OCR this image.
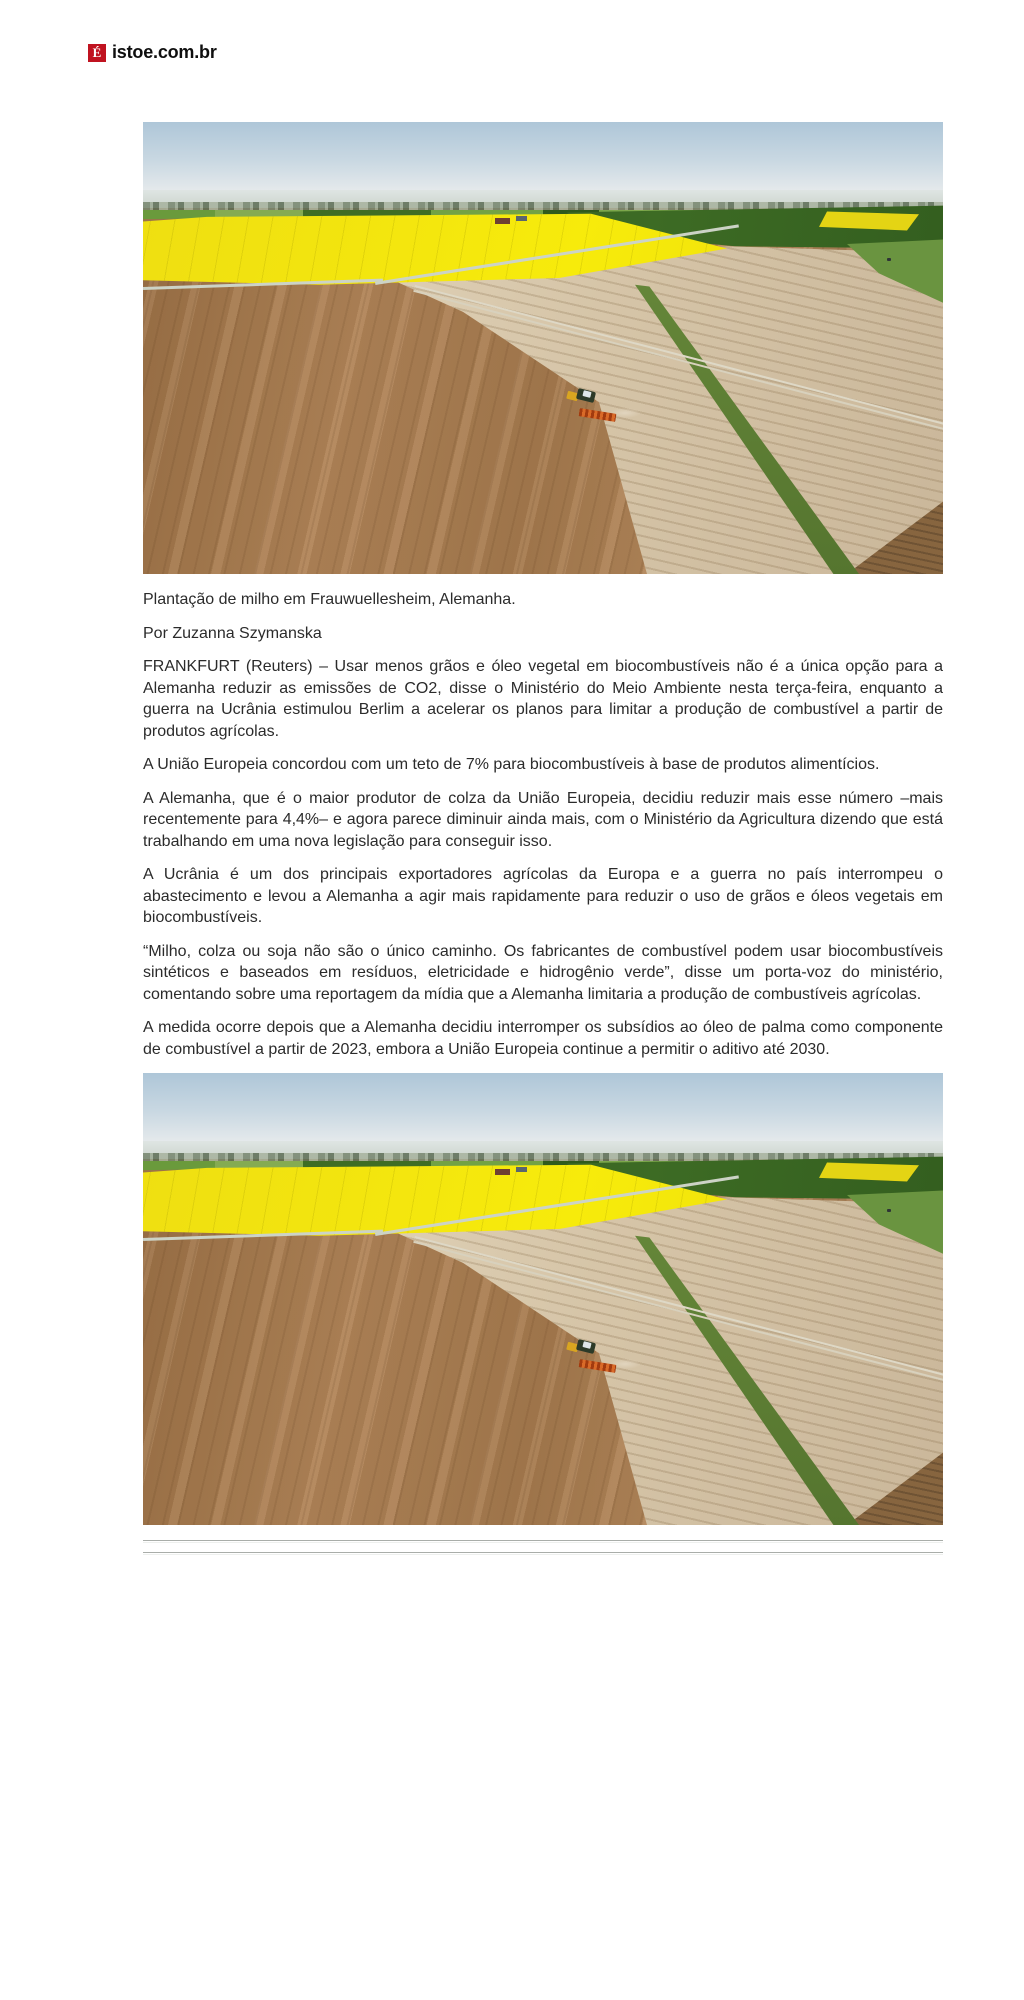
É istoe.com.br

Plantação de milho em Frauwuellesheim, Alemanha.

Por Zuzanna Szymanska

FRANKFURT (Reuters) – Usar menos grãos e óleo vegetal em biocombustíveis não é a única opção para a Alemanha reduzir as emissões de CO2, disse o Ministério do Meio Ambiente nesta terça-feira, enquanto a guerra na Ucrânia estimulou Berlim a acelerar os planos para limitar a produção de combustível a partir de produtos agrícolas.

A União Europeia concordou com um teto de 7% para biocombustíveis à base de produtos alimentícios.

A Alemanha, que é o maior produtor de colza da União Europeia, decidiu reduzir mais esse número –mais recentemente para 4,4%– e agora parece diminuir ainda mais, com o Ministério da Agricultura dizendo que está trabalhando em uma nova legislação para conseguir isso.

A Ucrânia é um dos principais exportadores agrícolas da Europa e a guerra no país interrompeu o abastecimento e levou a Alemanha a agir mais rapidamente para reduzir o uso de grãos e óleos vegetais em biocombustíveis.

“Milho, colza ou soja não são o único caminho. Os fabricantes de combustível podem usar biocombustíveis sintéticos e baseados em resíduos, eletricidade e hidrogênio verde”, disse um porta-voz do ministério, comentando sobre uma reportagem da mídia que a Alemanha limitaria a produção de combustíveis agrícolas.

A medida ocorre depois que a Alemanha decidiu interromper os subsídios ao óleo de palma como componente de combustível a partir de 2023, embora a União Europeia continue a permitir o aditivo até 2030.
